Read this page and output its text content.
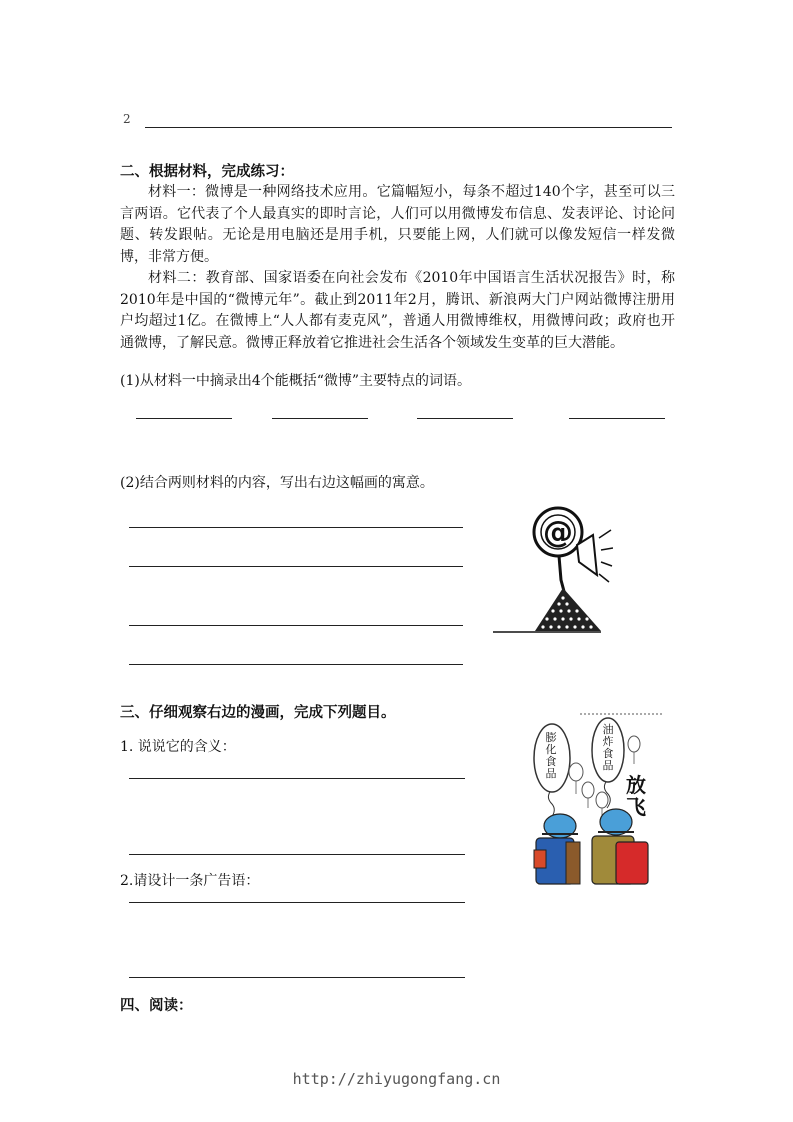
2
二、根据材料，完成练习：
材料一：微博是一种网络技术应用。它篇幅短小，每条不超过140个字，甚至可以三言两语。它代表了个人最真实的即时言论，人们可以用微博发布信息、发表评论、讨论问题、转发跟帖。无论是用电脑还是用手机，只要能上网，人们就可以像发短信一样发微博，非常方便。
材料二：教育部、国家语委在向社会发布《2010年中国语言生活状况报告》时，称2010年是中国的“微博元年”。截止到2011年2月，腾讯、新浪两大门户网站微博注册用户均超过1亿。在微博上“人人都有麦克风”，普通人用微博维权，用微博问政；政府也开通微博，了解民意。微博正释放着它推进社会生活各个领域发生变革的巨大潜能。
(1)从材料一中摘录出4个能概括“微博”主要特点的词语。
(2)结合两则材料的内容，写出右边这幅画的寓意。
@
三、仔细观察右边的漫画，完成下列题目。
1. 说说它的含义：
2.请设计一条广告语：
膨化食品
油炸食品
放飞
四、阅读：
http://zhiyugongfang.cn
